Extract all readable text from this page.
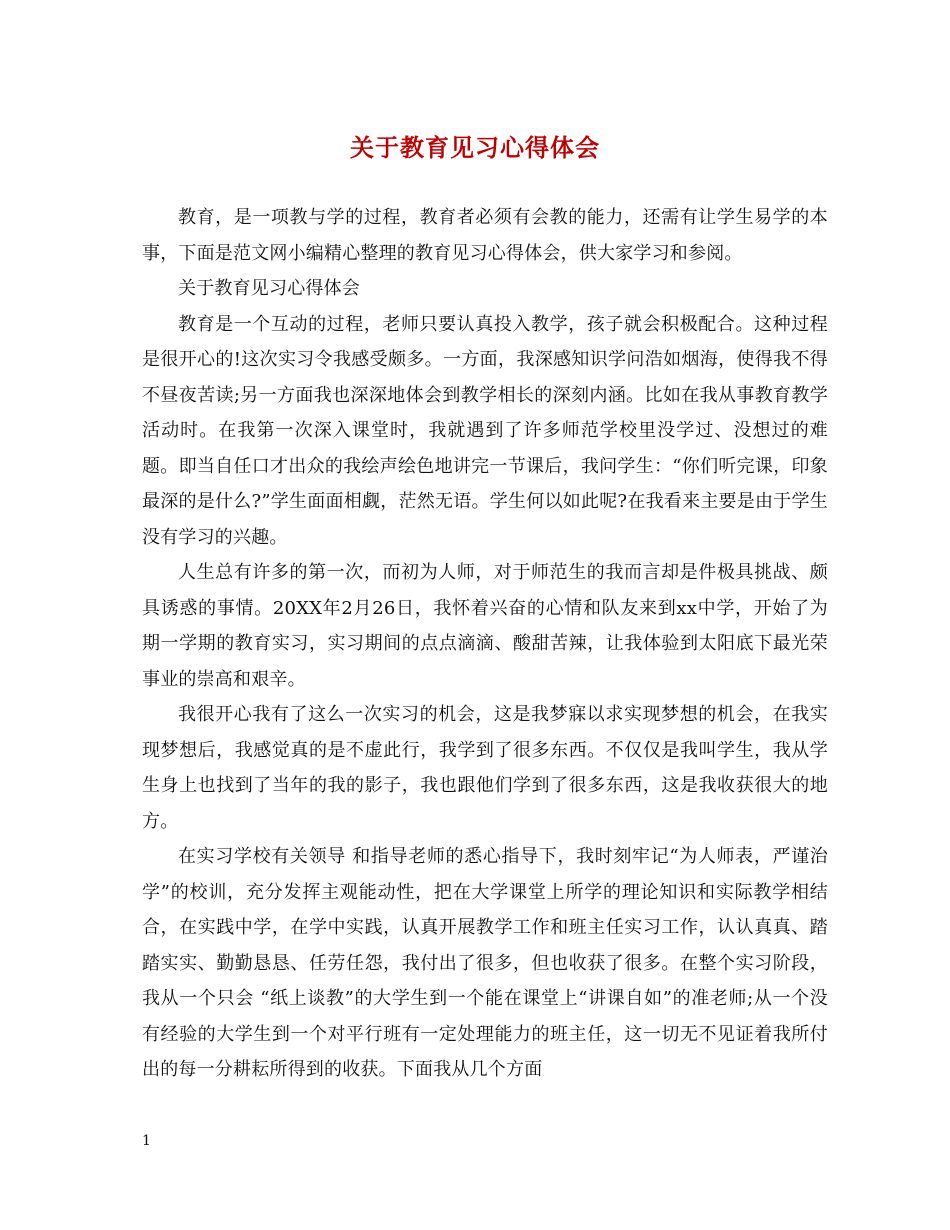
关于教育见习心得体会

教育，是一项教与学的过程，教育者必须有会教的能力，还需有让学生易学的本事，下面是范文网小编精心整理的教育见习心得体会，供大家学习和参阅。

关于教育见习心得体会

教育是一个互动的过程，老师只要认真投入教学，孩子就会积极配合。这种过程是很开心的!这次实习令我感受颇多。一方面，我深感知识学问浩如烟海，使得我不得不昼夜苦读;另一方面我也深深地体会到教学相长的深刻内涵。比如在我从事教育教学活动时。在我第一次深入课堂时，我就遇到了许多师范学校里没学过、没想过的难题。即当自任口才出众的我绘声绘色地讲完一节课后，我问学生：“你们听完课，印象最深的是什么?”学生面面相觑，茫然无语。学生何以如此呢?在我看来主要是由于学生没有学习的兴趣。

人生总有许多的第一次，而初为人师，对于师范生的我而言却是件极具挑战、颇具诱惑的事情。20XX年2月26日，我怀着兴奋的心情和队友来到xx中学，开始了为期一学期的教育实习，实习期间的点点滴滴、酸甜苦辣，让我体验到太阳底下最光荣事业的崇高和艰辛。

我很开心我有了这么一次实习的机会，这是我梦寐以求实现梦想的机会，在我实现梦想后，我感觉真的是不虚此行，我学到了很多东西。不仅仅是我叫学生，我从学生身上也找到了当年的我的影子，我也跟他们学到了很多东西，这是我收获很大的地方。

在实习学校有关领导 和指导老师的悉心指导下，我时刻牢记“为人师表，严谨治学”的校训，充分发挥主观能动性，把在大学课堂上所学的理论知识和实际教学相结合，在实践中学，在学中实践，认真开展教学工作和班主任实习工作，认认真真、踏踏实实、勤勤恳恳、任劳任怨，我付出了很多，但也收获了很多。在整个实习阶段，我从一个只会 “纸上谈教”的大学生到一个能在课堂上“讲课自如”的准老师;从一个没有经验的大学生到一个对平行班有一定处理能力的班主任，这一切无不见证着我所付出的每一分耕耘所得到的收获。下面我从几个方面

1
